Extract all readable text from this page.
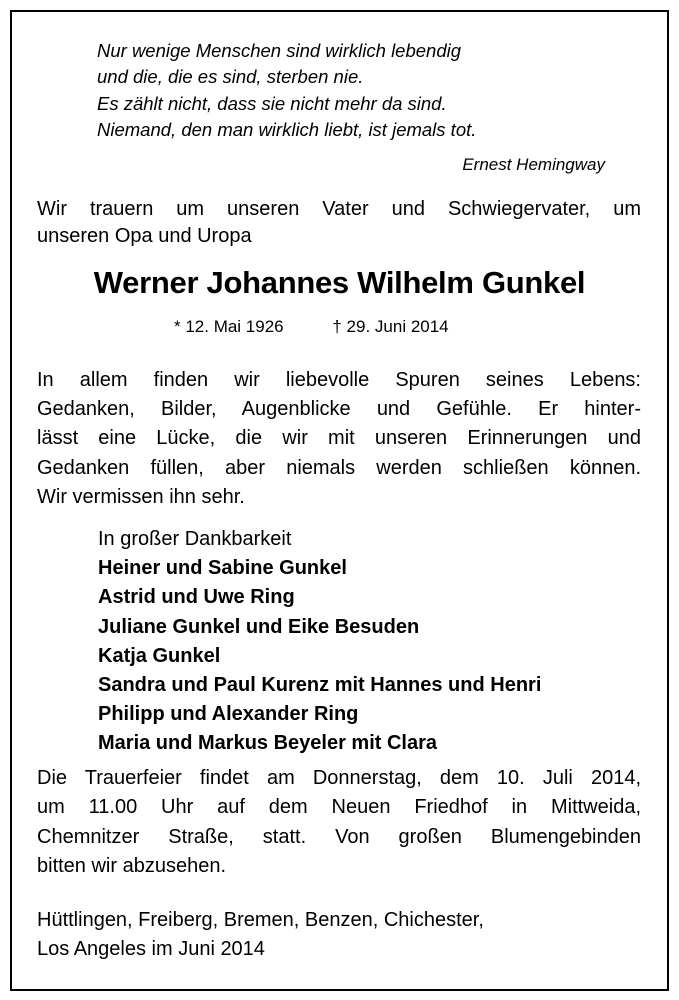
Nur wenige Menschen sind wirklich lebendig
und die, die es sind, sterben nie.
Es zählt nicht, dass sie nicht mehr da sind.
Niemand, den man wirklich liebt, ist jemals tot.
Ernest Hemingway
Wir trauern um unseren Vater und Schwiegervater, um
unseren Opa und Uropa
Werner Johannes Wilhelm Gunkel
* 12. Mai 1926	† 29. Juni 2014
In allem finden wir liebevolle Spuren seines Lebens:
Gedanken, Bilder, Augenblicke und Gefühle. Er hinter-
lässt eine Lücke, die wir mit unseren Erinnerungen und
Gedanken füllen, aber niemals werden schließen können.
Wir vermissen ihn sehr.
In großer Dankbarkeit
Heiner und Sabine Gunkel
Astrid und Uwe Ring
Juliane Gunkel und Eike Besuden
Katja Gunkel
Sandra und Paul Kurenz mit Hannes und Henri
Philipp und Alexander Ring
Maria und Markus Beyeler mit Clara
Die Trauerfeier findet am Donnerstag, dem 10. Juli 2014,
um 11.00 Uhr auf dem Neuen Friedhof in Mittweida,
Chemnitzer Straße, statt. Von großen Blumengebinden
bitten wir abzusehen.
Hüttlingen, Freiberg, Bremen, Benzen, Chichester,
Los Angeles im Juni 2014
